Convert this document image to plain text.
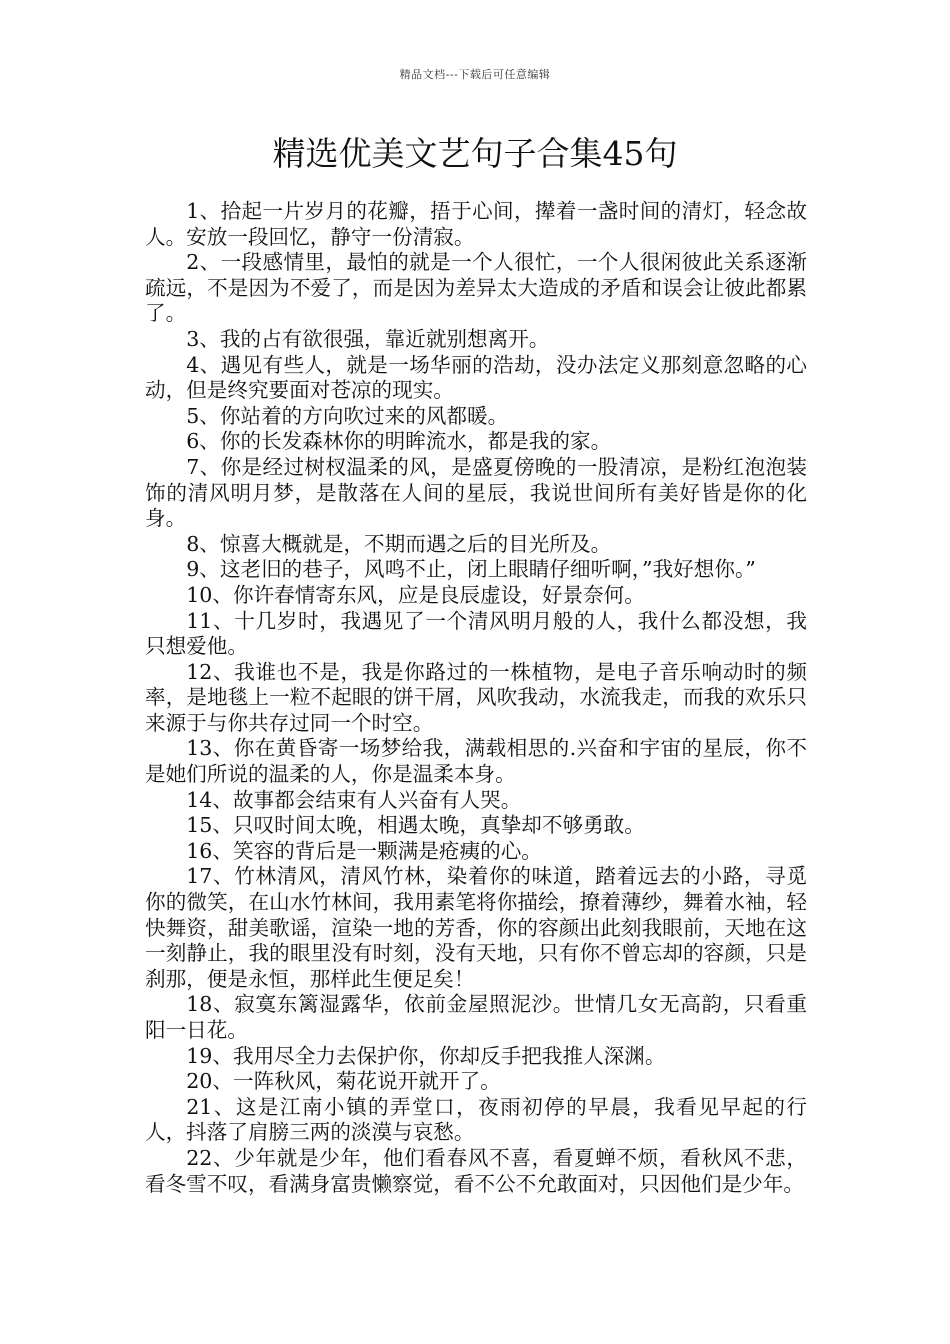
精品文档---下载后可任意编辑
精选优美文艺句子合集45句

1、拾起一片岁月的花瓣，捂于心间，撵着一盏时间的清灯，轻念故人。安放一段回忆，静守一份清寂。

2、一段感情里，最怕的就是一个人很忙，一个人很闲彼此关系逐渐疏远，不是因为不爱了，而是因为差异太大造成的矛盾和误会让彼此都累了。

3、我的占有欲很强，靠近就别想离开。

4、遇见有些人，就是一场华丽的浩劫，没办法定义那刻意忽略的心动，但是终究要面对苍凉的现实。

5、你站着的方向吹过来的风都暖。

6、你的长发森林你的明眸流水，都是我的家。

7、你是经过树杈温柔的风，是盛夏傍晚的一股清凉，是粉红泡泡装饰的清风明月梦，是散落在人间的星辰，我说世间所有美好皆是你的化身。

8、惊喜大概就是，不期而遇之后的目光所及。

9、这老旧的巷子，风鸣不止，闭上眼睛仔细听啊，”我好想你。”

10、你许春情寄东风，应是良辰虚设，好景奈何。

11、十几岁时，我遇见了一个清风明月般的人，我什么都没想，我只想爱他。

12、我谁也不是，我是你路过的一株植物，是电子音乐响动时的频率，是地毯上一粒不起眼的饼干屑，风吹我动，水流我走，而我的欢乐只来源于与你共存过同一个时空。

13、你在黄昏寄一场梦给我，满载相思的.兴奋和宇宙的星辰，你不是她们所说的温柔的人，你是温柔本身。

14、故事都会结束有人兴奋有人哭。

15、只叹时间太晚，相遇太晚，真挚却不够勇敢。

16、笑容的背后是一颗满是疮痍的心。

17、竹林清风，清风竹林，染着你的味道，踏着远去的小路，寻觅你的微笑，在山水竹林间，我用素笔将你描绘，撩着薄纱，舞着水袖，轻快舞资，甜美歌谣，渲染一地的芳香，你的容颜出此刻我眼前，天地在这一刻静止，我的眼里没有时刻，没有天地，只有你不曾忘却的容颜，只是刹那，便是永恒，那样此生便足矣！

18、寂寞东篱湿露华，依前金屋照泥沙。世情几女无高韵，只看重阳一日花。

19、我用尽全力去保护你，你却反手把我推人深渊。

20、一阵秋风，菊花说开就开了。

21、这是江南小镇的弄堂口，夜雨初停的早晨，我看见早起的行人，抖落了肩膀三两的淡漠与哀愁。

22、少年就是少年，他们看春风不喜，看夏蝉不烦，看秋风不悲，看冬雪不叹，看满身富贵懒察觉，看不公不允敢面对，只因他们是少年。
